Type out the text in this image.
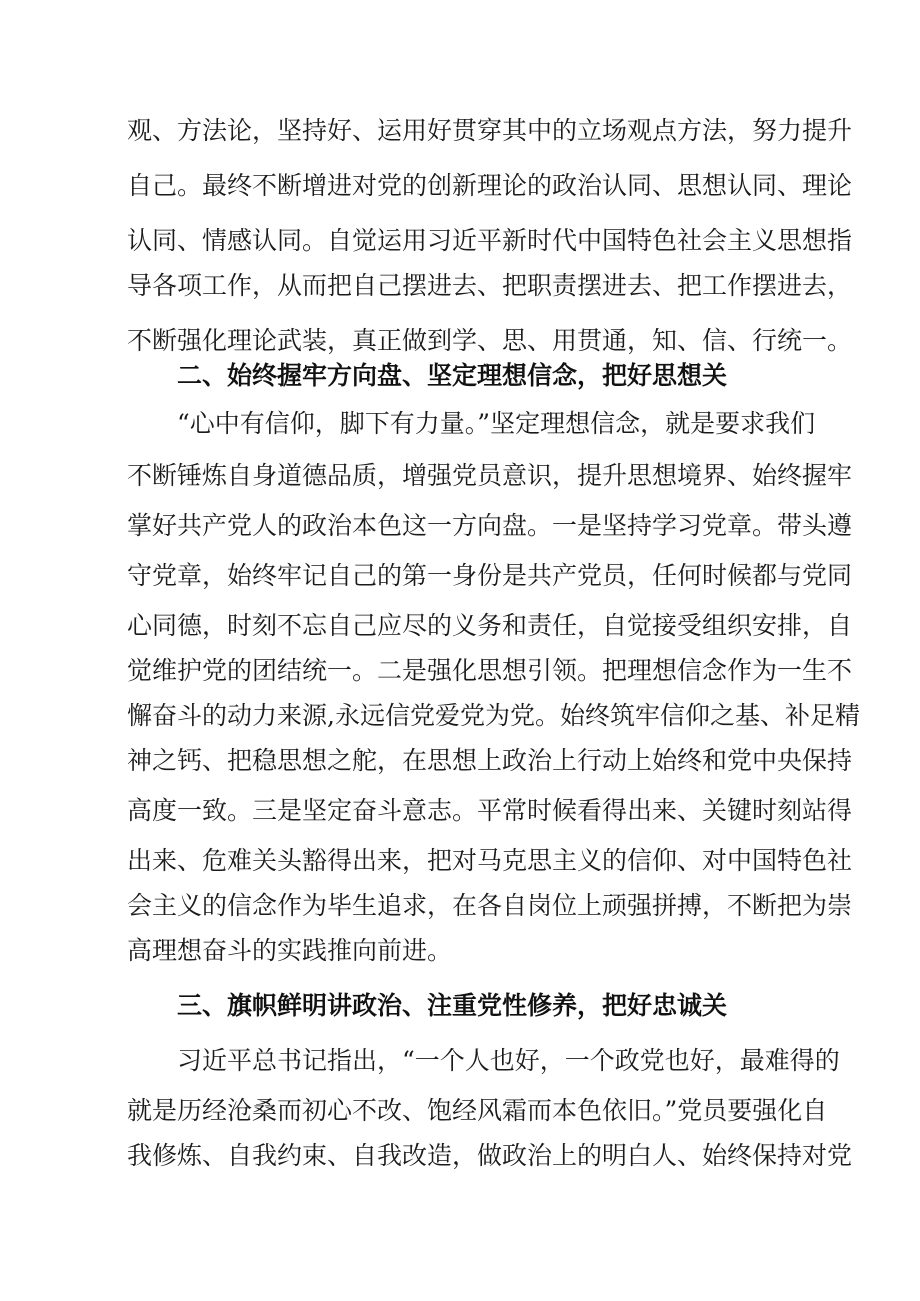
观、方法论，坚持好、运用好贯穿其中的立场观点方法，努力提升
自己。最终不断增进对党的创新理论的政治认同、思想认同、理论
认同、情感认同。自觉运用习近平新时代中国特色社会主义思想指
导各项工作，从而把自己摆进去、把职责摆进去、把工作摆进去，
不断强化理论武装，真正做到学、思、用贯通，知、信、行统一。
二、始终握牢方向盘、坚定理想信念，把好思想关
“心中有信仰，脚下有力量。”坚定理想信念，就是要求我们
不断锤炼自身道德品质，增强党员意识，提升思想境界、始终握牢
掌好共产党人的政治本色这一方向盘。一是坚持学习党章。带头遵
守党章，始终牢记自己的第一身份是共产党员，任何时候都与党同
心同德，时刻不忘自己应尽的义务和责任，自觉接受组织安排，自
觉维护党的团结统一。二是强化思想引领。把理想信念作为一生不
懈奋斗的动力来源,永远信党爱党为党。始终筑牢信仰之基、补足精
神之钙、把稳思想之舵，在思想上政治上行动上始终和党中央保持
高度一致。三是坚定奋斗意志。平常时候看得出来、关键时刻站得
出来、危难关头豁得出来，把对马克思主义的信仰、对中国特色社
会主义的信念作为毕生追求，在各自岗位上顽强拼搏，不断把为崇
高理想奋斗的实践推向前进。
三、旗帜鲜明讲政治、注重党性修养，把好忠诚关
习近平总书记指出，“一个人也好，一个政党也好，最难得的
就是历经沧桑而初心不改、饱经风霜而本色依旧。”党员要强化自
我修炼、自我约束、自我改造，做政治上的明白人、始终保持对党
